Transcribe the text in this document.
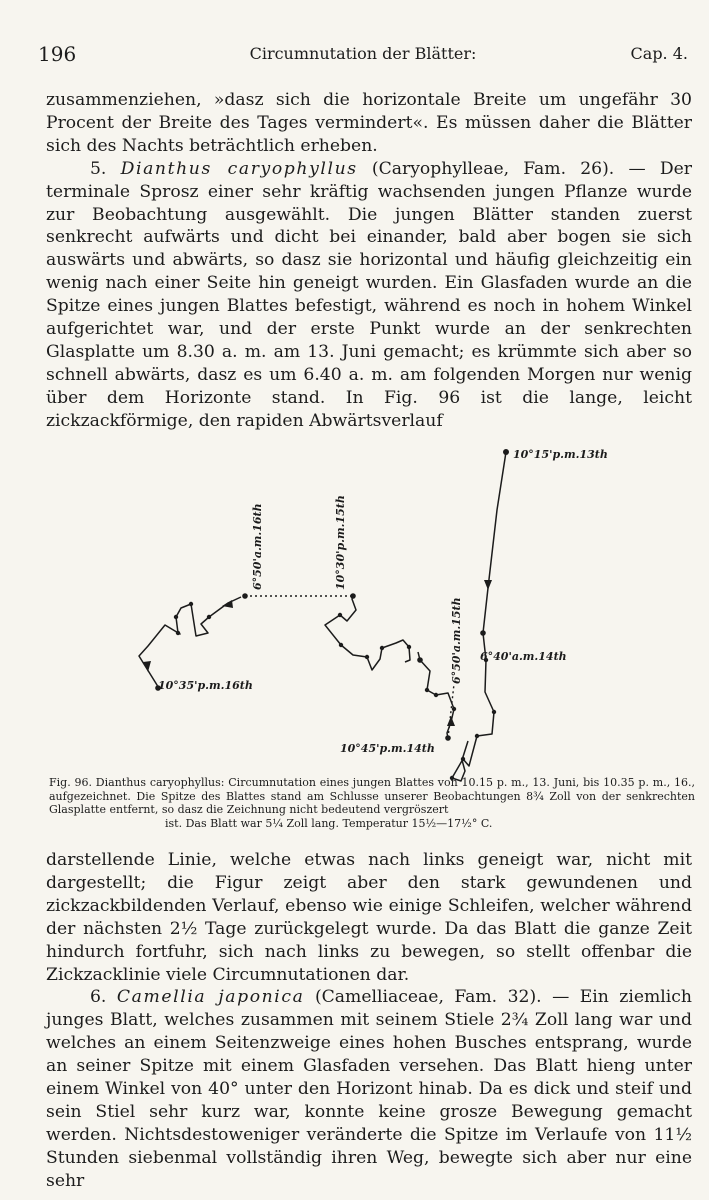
196	Circumnutation der Blätter:	Cap. 4.

zusammenziehen, »dasz sich die horizontale Breite um ungefähr 30 Procent der Breite des Tages vermindert«. Es müssen daher die Blätter sich des Nachts beträchtlich erheben.

5. Dianthus caryophyllus (Caryophylleae, Fam. 26). — Der terminale Sprosz einer sehr kräftig wachsenden jungen Pflanze wurde zur Beobachtung ausgewählt. Die jungen Blätter standen zuerst senkrecht aufwärts und dicht bei einander, bald aber bogen sie sich auswärts und abwärts, so dasz sie horizontal und häufig gleichzeitig ein wenig nach einer Seite hin geneigt wurden. Ein Glasfaden wurde an die Spitze eines jungen Blattes befestigt, während es noch in hohem Winkel aufgerichtet war, und der erste Punkt wurde an der senkrechten Glasplatte um 8.30 a. m. am 13. Juni gemacht; es krümmte sich aber so schnell abwärts, dasz es um 6.40 a. m. am folgenden Morgen nur wenig über dem Horizonte stand. In Fig. 96 ist die lange, leicht zickzackförmige, den rapiden Abwärtsverlauf

10°15'p.m.13th
6°40'a.m.14th
10°45'p.m.14th
10°35'p.m.16th
6°50'a.m.15th
10°30'p.m.15th
6°50'a.m.16th

Fig. 96. Dianthus caryophyllus: Circumnutation eines jungen Blattes von 10.15 p. m., 13. Juni, bis 10.35 p. m., 16., aufgezeichnet. Die Spitze des Blattes stand am Schlusse unserer Beobachtungen 8¾ Zoll von der senkrechten Glasplatte entfernt, so dasz die Zeichnung nicht bedeutend vergröszert

ist. Das Blatt war 5¼ Zoll lang. Temperatur 15½—17½° C.

darstellende Linie, welche etwas nach links geneigt war, nicht mit dargestellt; die Figur zeigt aber den stark gewundenen und zickzackbildenden Verlauf, ebenso wie einige Schleifen, welcher während der nächsten 2½ Tage zurückgelegt wurde. Da das Blatt die ganze Zeit hindurch fortfuhr, sich nach links zu bewegen, so stellt offenbar die Zickzacklinie viele Circumnutationen dar.

6. Camellia japonica (Camelliaceae, Fam. 32). — Ein ziemlich junges Blatt, welches zusammen mit seinem Stiele 2¾ Zoll lang war und welches an einem Seitenzweige eines hohen Busches entsprang, wurde an seiner Spitze mit einem Glasfaden versehen. Das Blatt hieng unter einem Winkel von 40° unter den Horizont hinab. Da es dick und steif und sein Stiel sehr kurz war, konnte keine grosze Bewegung gemacht werden. Nichtsdestoweniger veränderte die Spitze im Verlaufe von 11½ Stunden siebenmal vollständig ihren Weg, bewegte sich aber nur eine sehr
